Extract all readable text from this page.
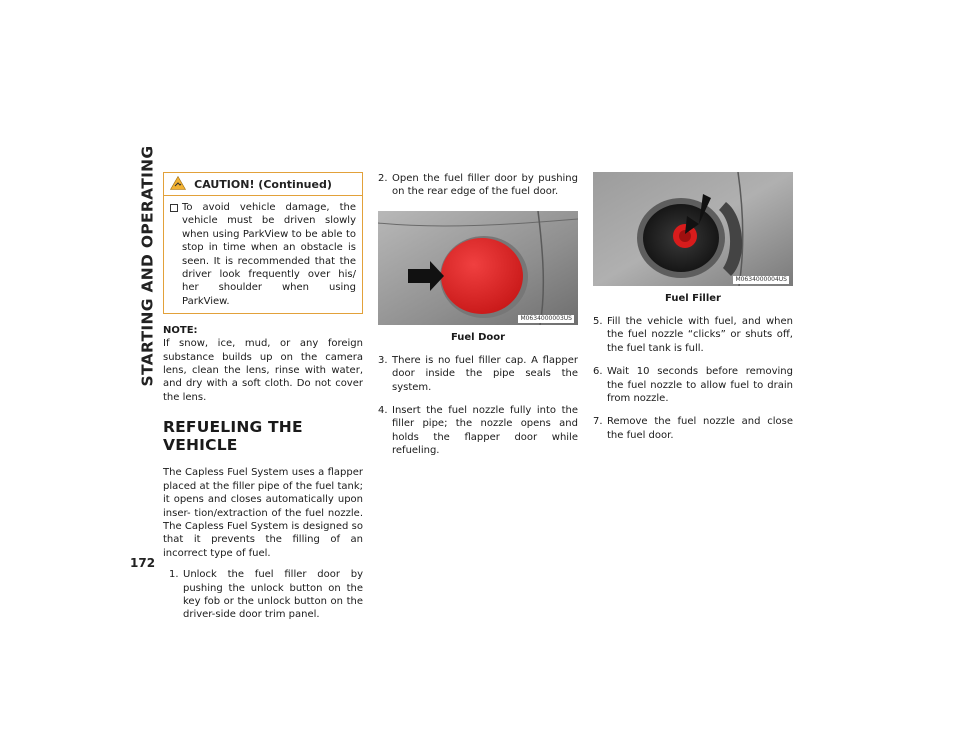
STARTING AND OPERATING
172
CAUTION! (Continued)
To avoid vehicle damage, the vehicle must be driven slowly when using ParkView to be able to stop in time when an obstacle is seen. It is recommended that the driver look frequently over his/ her shoulder when using ParkView.
NOTE:

If snow, ice, mud, or any foreign substance builds up on the camera lens, clean the lens, rinse with water, and dry with a soft cloth. Do not cover the lens.

REFUELING THE VEHICLE

The Capless Fuel System uses a flapper placed at the filler pipe of the fuel tank; it opens and closes automatically upon inser- tion/extraction of the fuel nozzle. The Capless Fuel System is designed so that it prevents the filling of an incorrect type of fuel.

1. Unlock the fuel filler door by pushing the unlock button on the key fob or the unlock button on the driver-side door trim panel.
2. Open the fuel filler door by pushing on the rear edge of the fuel door.
M0634000003US
Fuel Door
3. There is no fuel filler cap. A flapper door inside the pipe seals the system.
4. Insert the fuel nozzle fully into the filler pipe; the nozzle opens and holds the flapper door while refueling.
M0634000004US
Fuel Filler
5. Fill the vehicle with fuel, and when the fuel nozzle “clicks” or shuts off, the fuel tank is full.
6. Wait 10 seconds before removing the fuel nozzle to allow fuel to drain from nozzle.
7. Remove the fuel nozzle and close the fuel door.
